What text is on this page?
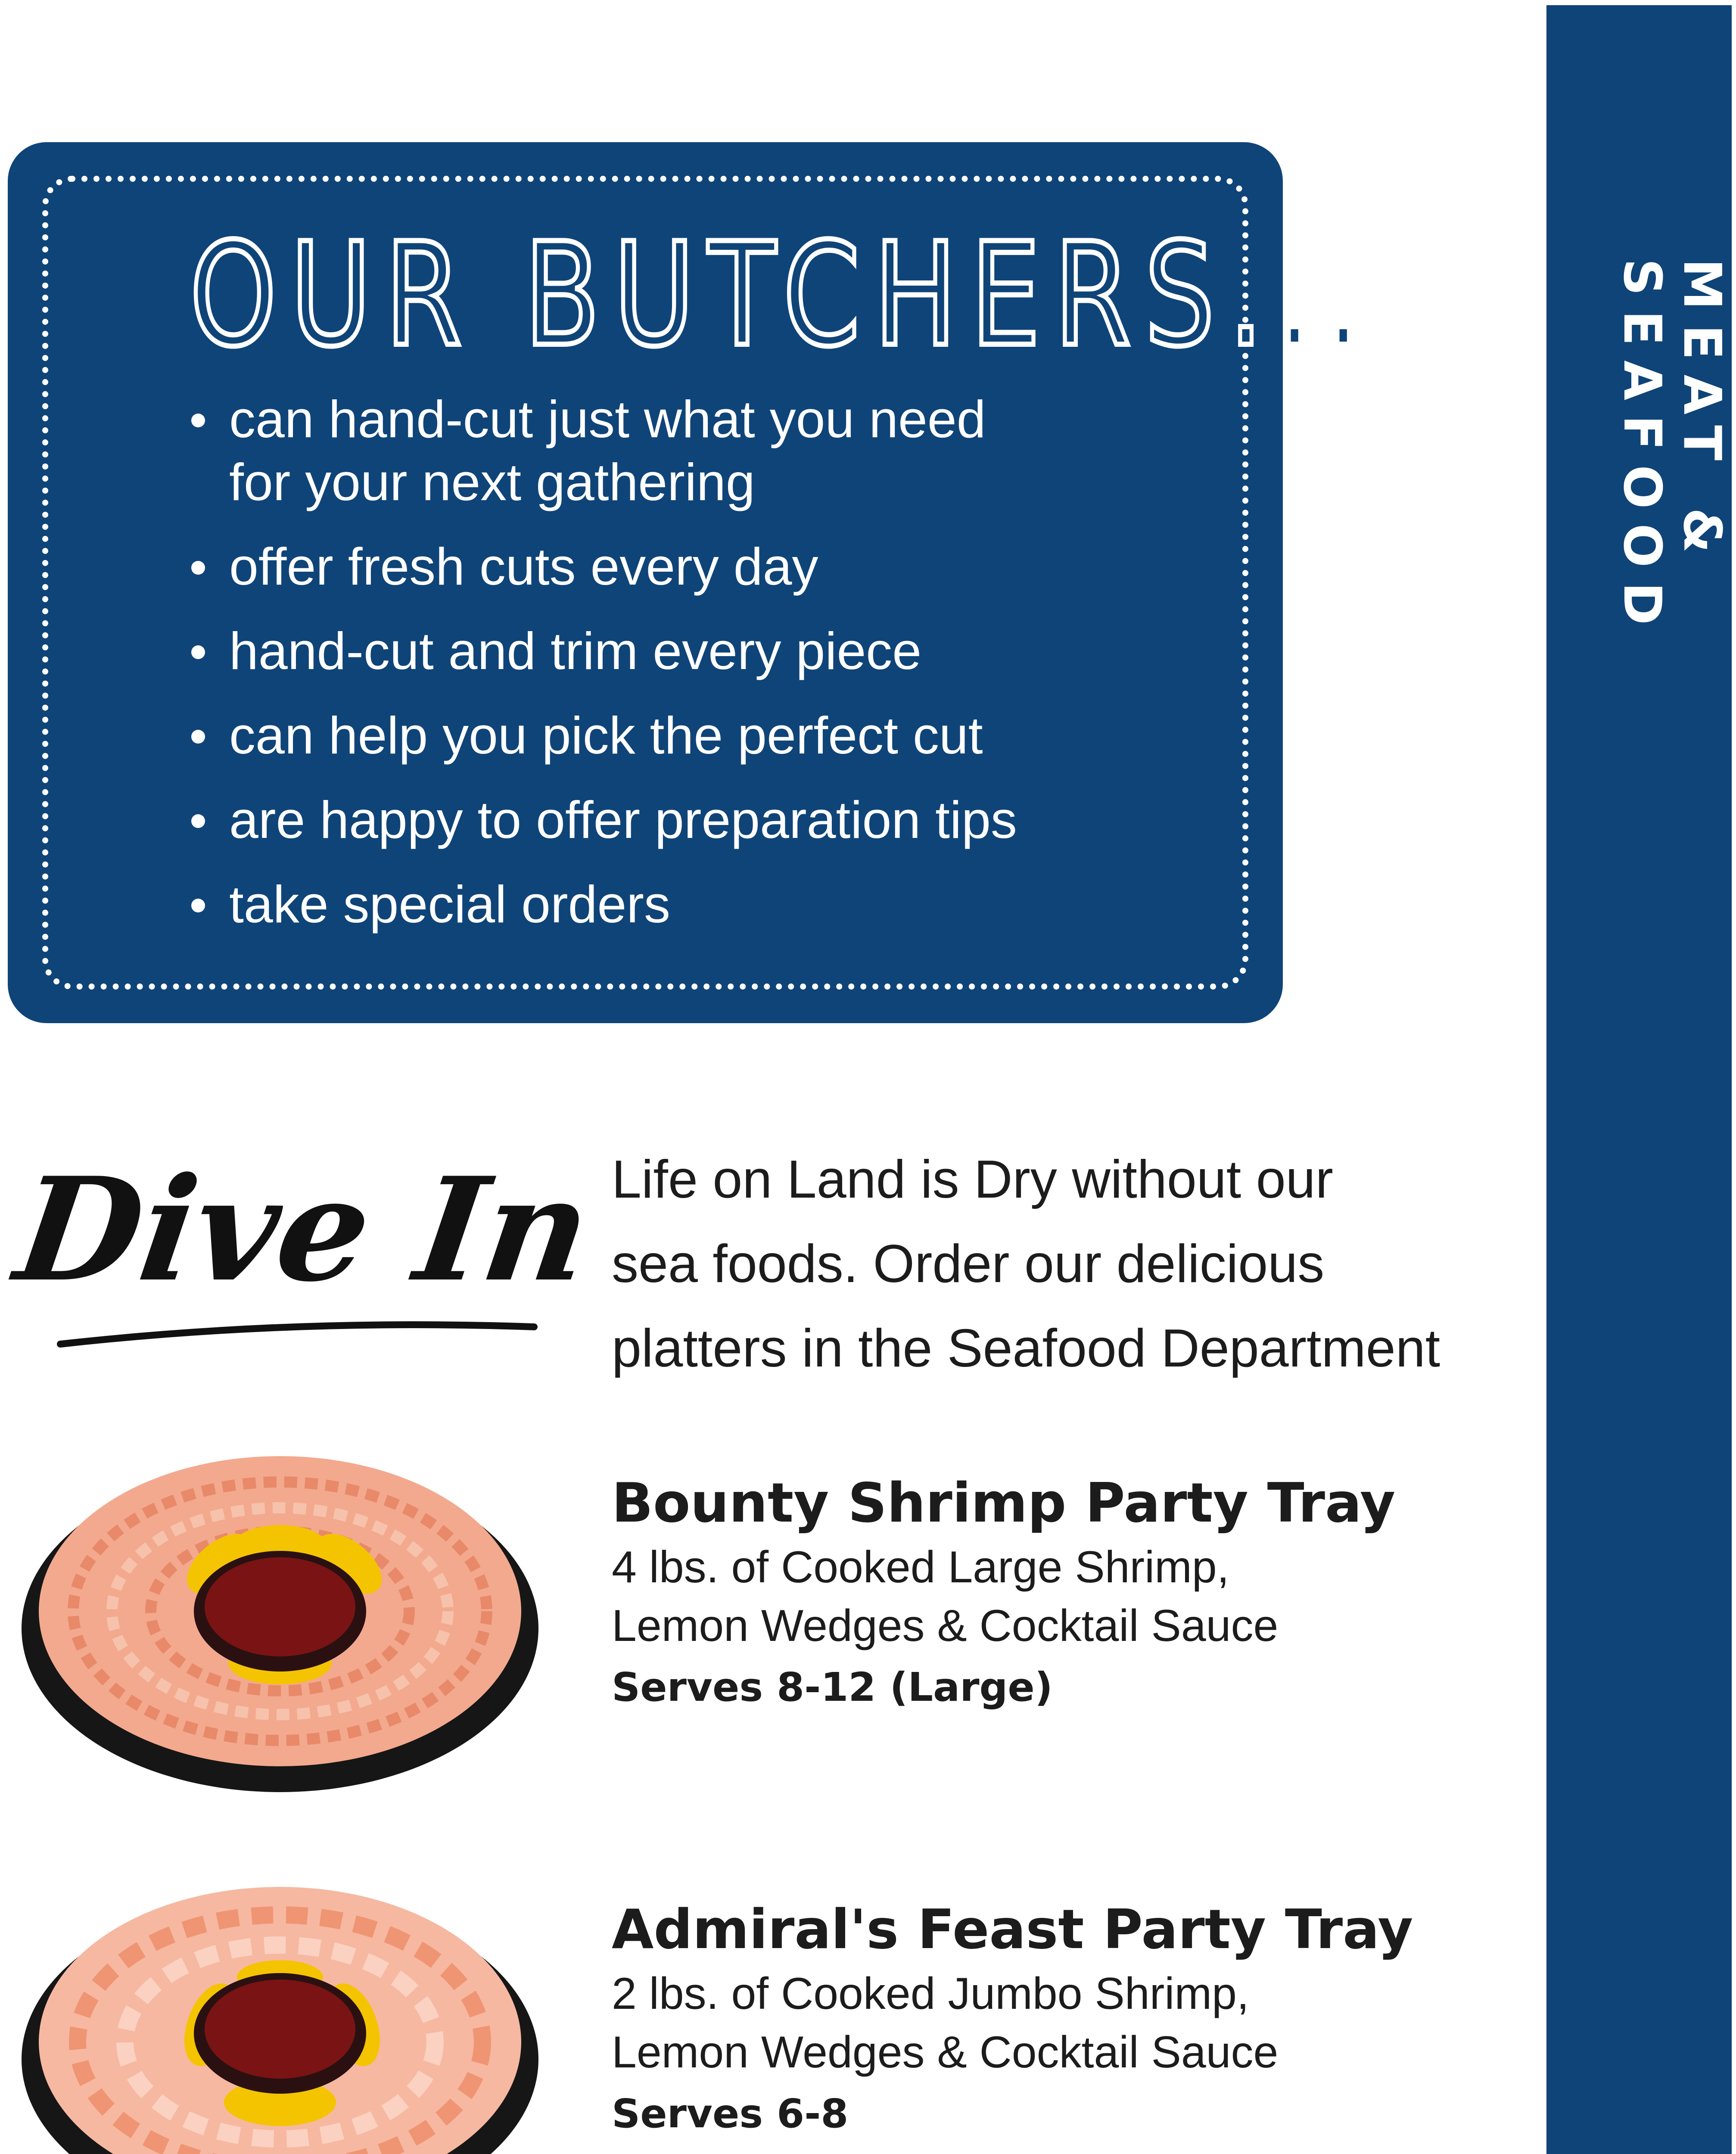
MEAT & SEAFOOD
OUR BUTCHERS...
can hand-cut just what you need
for your next gathering
offer fresh cuts every day
hand-cut and trim every piece
can help you pick the perfect cut
are happy to offer preparation tips
take special orders
Dive In Life on Land is Dry without our
sea foods. Order our delicious
platters in the Seafood Department
Bounty Shrimp Party Tray
4 lbs. of Cooked Large Shrimp,
Lemon Wedges & Cocktail Sauce
Serves 8-12 (Large)
Admiral's Feast Party Tray
2 lbs. of Cooked Jumbo Shrimp,
Lemon Wedges & Cocktail Sauce
Serves 6-8
